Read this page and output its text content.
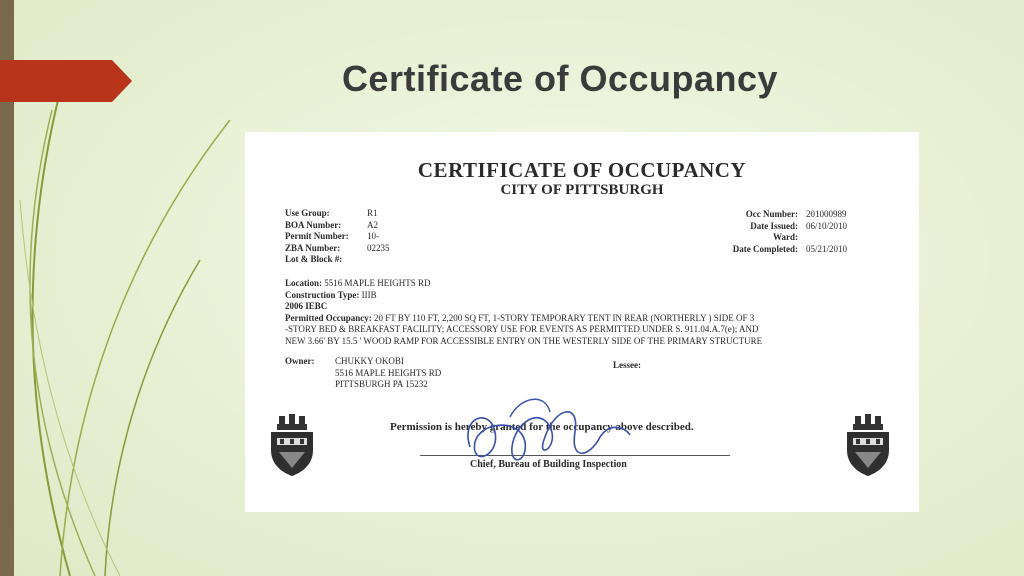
Certificate of Occupancy
CERTIFICATE OF OCCUPANCY
CITY OF PITTSBURGH
Use Group:	R1 A2
BOA Number:
Permit Number: 10-02235
ZBA Number:
Lot & Block #:
Occ Number: 201000989
Date Issued: 06/10/2010
Ward:
Date Completed: 05/21/2010
Location: 5516 MAPLE HEIGHTS RD
Construction Type: IIIB
2006 IEBC
Permitted Occupancy: 20 FT BY 110 FT, 2,200 SQ FT, 1-STORY TEMPORARY TENT IN REAR (NORTHERLY ) SIDE OF 3
-STORY BED & BREAKFAST FACILITY; ACCESSORY USE FOR EVENTS AS PERMITTED UNDER S. 911.04.A.7(e); AND
NEW 3.66' BY 15.5 ' WOOD RAMP FOR ACCESSIBLE ENTRY ON THE WESTERLY SIDE OF THE PRIMARY STRUCTURE
Owner: CHUKKY OKOBI
5516 MAPLE HEIGHTS RD
PITTSBURGH PA 15232
Lessee:
Permission is hereby granted for the occupancy above described.
Chief, Bureau of Building Inspection
